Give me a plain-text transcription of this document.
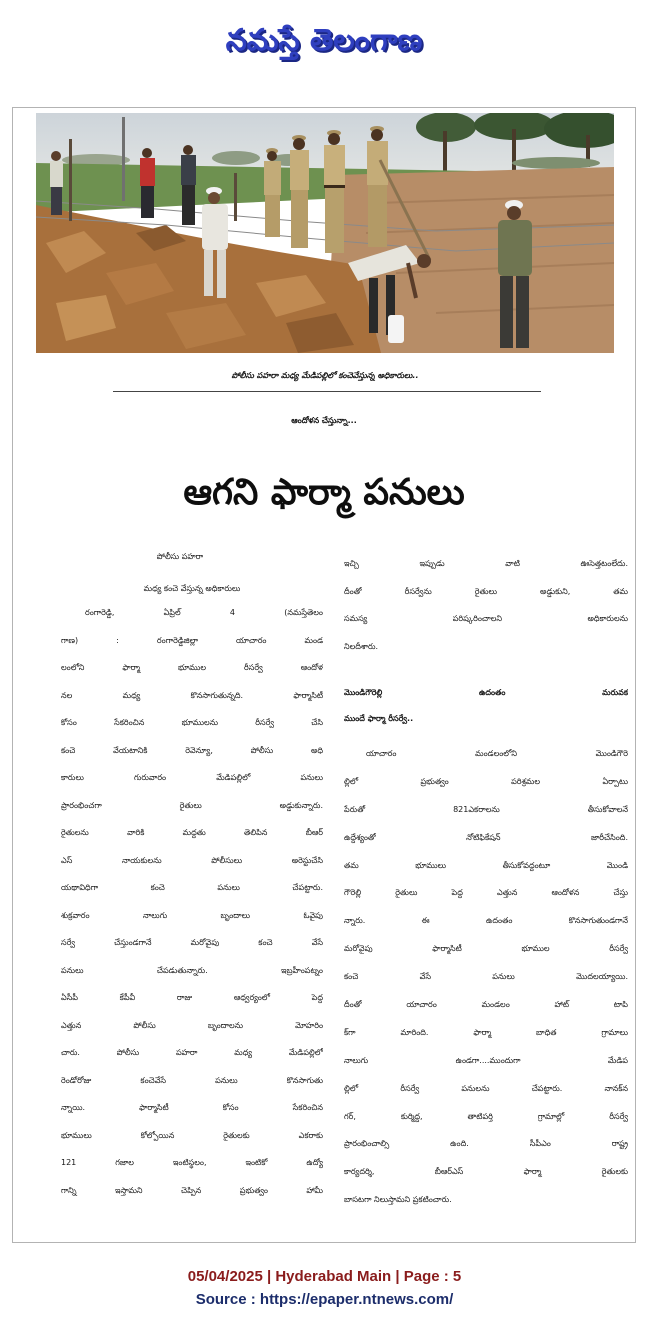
నమస్తే తెలంగాణ
పోలీసు పహరా మధ్య మేడిపల్లిలో కంచెవేస్తున్న అధికారులు..
ఆందోళన చేస్తున్నా...
ఆగని ఫార్మా పనులు
పోలీసు పహరా
మధ్య కంచె వేస్తున్న అధికారులు
రంగారెడ్డి, ఏప్రిల్ 4 (నమస్తేతెలం
గాణ) : రంగారెడ్డిజిల్లా యాచారం మండ
లంలోని ఫార్మా భూముల రీసర్వే ఆందోళ
నల మధ్య కొనసాగుతున్నది. ఫార్మాసిటీ
కోసం సేకరించిన భూములను రీసర్వే చేసి
కంచె వేయటానికి రెవెన్యూ, పోలీసు అధి
కారులు గురువారం మేడిపల్లిలో పనులు
ప్రారంభించగా రైతులు అడ్డుకున్నారు.
రైతులను వారికి మద్దతు తెలిపిన బీఆర్
ఎస్ నాయకులను పోలీసులు అరెస్టుచేసి
యథావిధిగా కంచె పనులు చేపట్టారు.
శుక్రవారం నాలుగు బృందాలు ఓవైపు
సర్వే చేస్తుండగానే మరోవైపు కంచె వేసే
పనులు చేపడుతున్నారు. ఇబ్రహీంపట్నం
ఏసీపీ కేపీవీ రాజు ఆధ్వర్యంలో పెద్ద
ఎత్తున పోలీసు బృందాలను మోహరిం
చారు. పోలీసు పహరా మధ్య మేడిపల్లిలో
రెండోరోజు కంచెవేసే పనులు కొనసాగుతు
న్నాయి. ఫార్మాసిటీ కోసం సేకరించిన
భూములు కోల్పోయిన రైతులకు ఎకరాకు
121 గజాల ఇంటిస్థలం, ఇంటికో ఉద్యో
గాన్ని ఇస్తామని చెప్పిన ప్రభుత్వం హామీ
ఇచ్చి ఇప్పుడు వాటి ఊసెత్తటంలేదు.
దీంతో రీసర్వేను రైతులు అడ్డుకుని, తమ
సమస్య పరిష్కరించాలని అధికారులను
నిలదీశారు.
మొండిగౌరెల్లి ఉదంతం మరువక
ముందే ఫార్మా రీసర్వే..
యాచారం మండలంలోని మొండిగౌరె
ల్లిలో ప్రభుత్వం పరిశ్రమల ఏర్పాటు
పేరుతో 821ఎకరాలను తీసుకోవాలనే
ఉద్దేశ్యంతో నోటిఫికేషన్ జారీచేసింది.
తమ భూములు తీసుకోవద్దంటూ మొండి
గౌరెల్లి రైతులు పెద్ద ఎత్తున ఆందోళన చేస్తు
న్నారు. ఈ ఉదంతం కొనసాగుతుండగానే
మరోవైపు ఫార్మాసిటీ భూముల రీసర్వే
కంచె వేసే పనులు మొదలయ్యాయి.
దీంతో యాచారం మండలం హాట్ టాపి
క్‌గా మారింది. ఫార్మా బాధిత గ్రామాలు
నాలుగు ఉండగా....ముందుగా మేడిప
ల్లిలో రీసర్వే పనులను చేపట్టారు. నానక్‌న
గర్, కుర్మిద్ద, తాటిపర్తి గ్రామాల్లో రీసర్వే
ప్రారంభించాల్సి ఉంది. సీపీఎం రాష్ట్ర
కార్యదర్శి, బీఆర్ఎస్ ఫార్మా రైతులకు
బాసటగా నిలుస్తామని ప్రకటించారు.
05/04/2025 | Hyderabad Main | Page : 5
Source : https://epaper.ntnews.com/
